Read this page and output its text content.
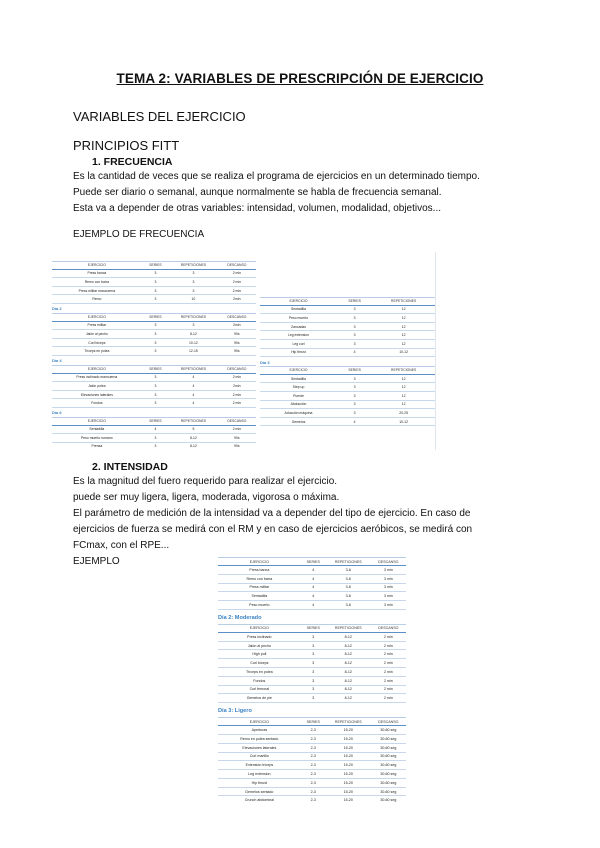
TEMA 2: VARIABLES DE PRESCRIPCIÓN DE EJERCICIO
VARIABLES DEL EJERCICIO
PRINCIPIOS FITT
1. FRECUENCIA
Es la cantidad de veces que se realiza el programa de ejercicios en un determinado tiempo.
Puede ser diario o semanal, aunque normalmente se habla de frecuencia semanal.
Esta va a depender de otras variables: intensidad, volumen, modalidad, objetivos...
EJEMPLO DE FRECUENCIA
EJERCICIO	SERIES	REPETICIONES	DESCANSO
Press banca	3	3	2 min
Remo con barra	3	3	2 min
Press militar mancuerna	3	3	2 min
Remo	3	10	2min
Día 2
EJERCICIO	SERIES	REPETICIONES	DESCANSO
Press militar	3	3	2min
Jalón al pecho	3	8-12	90s
Curl bíceps	3	10-12	90s
Tríceps en polea	3	12-15	90s
Día 4
EJERCICIO	SERIES	REPETICIONES	DESCANSO
Press inclinado mancuerna	3	4	2 min
Jalón polea	3	4	2min
Elevaciones laterales	3	4	2 min
Fondos	3	4	2 min
Día 6
EJERCICIO	SERIES	REPETICIONES	DESCANSO
Sentadilla	4	5	2 min
Peso muerto rumano	3	8-12	90s
Prensa	3	8-12	90s
EJERCICIO	SERIES	REPETICIONES
Sentadilla	3	12
Peso muerto	3	12
Zancadas	3	12
Leg extension	3	12
Leg curl	3	12
Hip thrust	4	10-12
Día 3
EJERCICIO	SERIES	REPETICIONES
Sentadilla	3	12
Step up	3	12
Puente	3	12
Abducción	3	12
Aducción máquina	3	20-25
Gemelos	4	10-12
2. INTENSIDAD
Es la magnitud del fuero requerido para realizar el ejercicio.
puede ser muy ligera, ligera, moderada, vigorosa o máxima.
El parámetro de medición de la intensidad va a depender del tipo de ejercicio. En caso de
ejercicios de fuerza se medirá con el RM y en caso de ejercicios aeróbicos, se medirá con
FCmax, con el RPE...
EJEMPLO	EJERCICIO	SERIES	REPETICIONES	DESCANSO
Press banca	4	3-6	3 min
Remo con barra	4	3-6	3 min
Press militar	4	3-6	3 min
Sentadilla	4	3-6	3 min
Peso muerto	4	3-6	3 min
Día 2: Moderado
EJERCICIO	SERIES	REPETICIONES	DESCANSO
Press inclinado	3	8-12	2 min
Jalón al pecho	3	8-12	2 min
High pull	3	8-12	2 min
Curl bíceps	3	8-12	2 min
Tríceps en polea	3	8-12	2 min
Fondos	3	8-12	2 min
Curl femoral	3	8-12	2 min
Gemelos de pie	3	8-12	2 min
Día 3: Ligero
EJERCICIO	SERIES	REPETICIONES	DESCANSO
Aperturas	2-3	15-20	30-60 seg
Remo en polea sentado	2-3	15-20	30-60 seg
Elevaciones laterales	2-3	15-20	30-60 seg
Curl martillo	2-3	15-20	30-60 seg
Extensión tríceps	2-3	15-20	30-60 seg
Leg extension	2-3	15-20	30-60 seg
Hip thrust	2-3	15-20	30-60 seg
Gemelos sentado	2-3	15-20	30-60 seg
Crunch abdominal	2-3	15-20	30-60 seg
